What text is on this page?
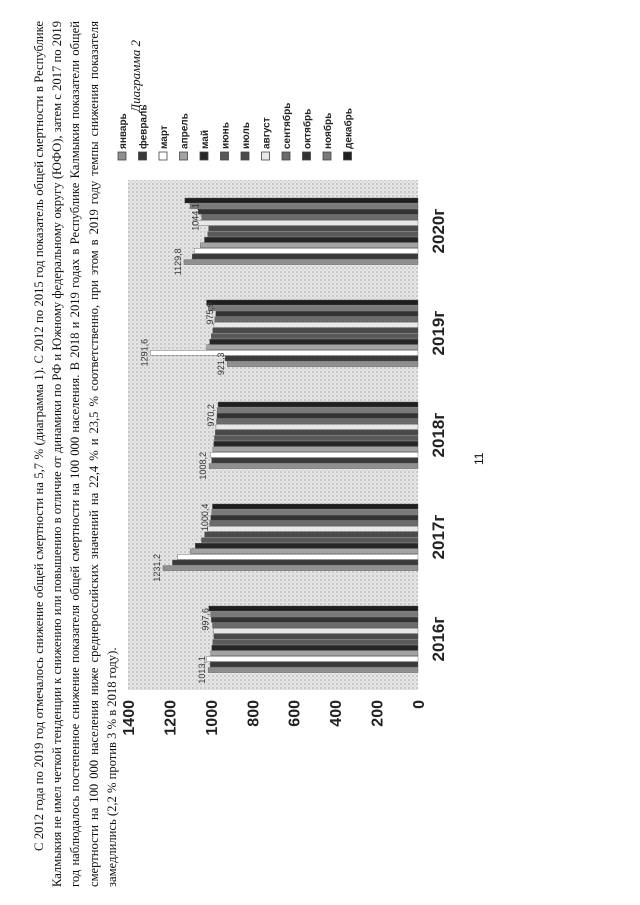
С 2012 года по 2019 год отмечалось снижение общей смертности на 5,7 % (диаграмма 1). С 2012 по 2015 год показатель общей смертности в Республике Калмыкия не имел четкой тенденции к снижению или повышению в отличие от динамики по РФ и Южному федеральному округу (ЮФО), затем с 2017 по 2019 год наблюдалось постепенное снижение показателя общей смертности на 100 000 населения. В 2018 и 2019 годах в Республике Калмыкия показатели общей смертности на 100 000 населения ниже среднероссийских значений на 22,4 % и 23,5 % соответственно, при этом в 2019 году темпы снижения показателя замедлились (2,2 % против 3 % в 2018 году).

Диаграмма 2
11
0
200
400
600
800
1000
1200
1400
2016г
2017г
2018г
2019г
2020г
1013,1
997,6
1231,2
1000,4
1008,2
970,2
921,3
1291,6
975,9
1129,8
1044,1
январь февраль март апрель май июнь июль август сентябрь октябрь ноябрь декабрь
